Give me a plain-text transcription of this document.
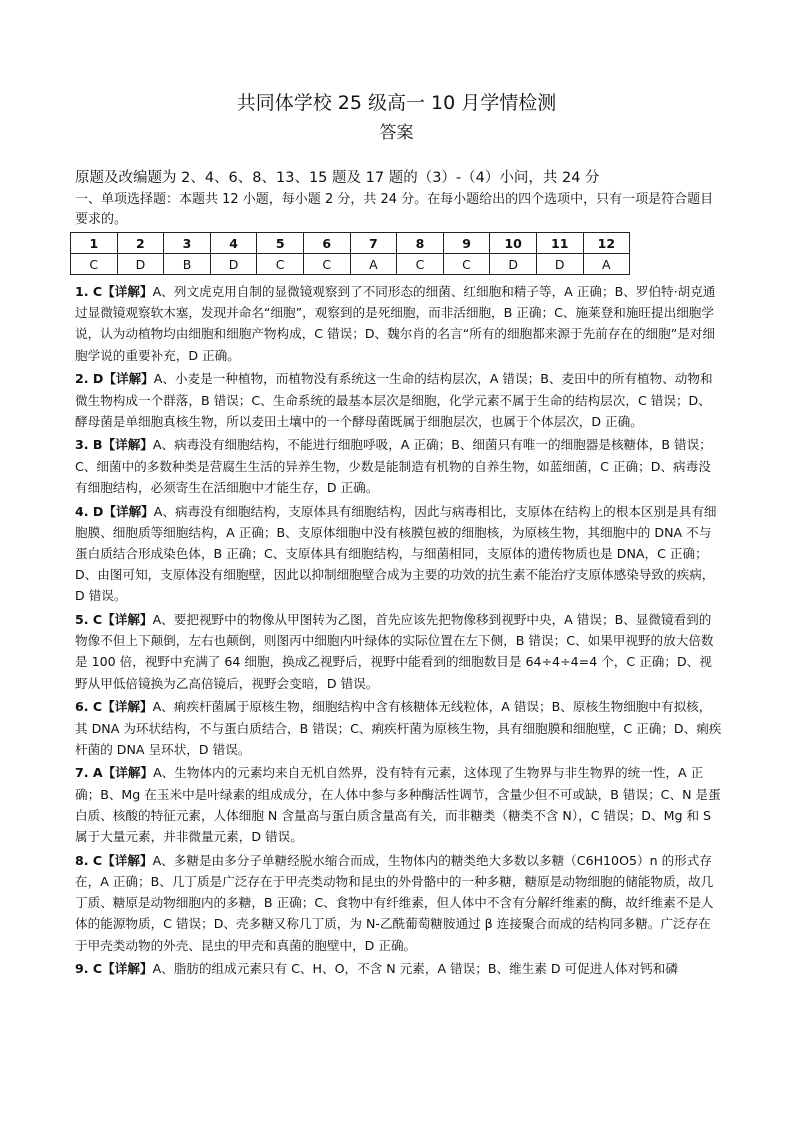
共同体学校 25 级高一 10 月学情检测
答案
原题及改编题为 2、4、6、8、13、15 题及 17 题的（3）-（4）小问，共 24 分
一、单项选择题：本题共 12 小题，每小题 2 分，共 24 分。在每小题给出的四个选项中，只有一项是符合题目要求的。
1	2	3	4	5	6	7	8	9	10	11	12
C	D	B	D	C	C	A	C	C	D	D	A

1. C【详解】A、列文虎克用自制的显微镜观察到了不同形态的细菌、红细胞和精子等，A 正确；B、罗伯特·胡克通过显微镜观察软木塞，发现并命名“细胞”，观察到的是死细胞，而非活细胞，B 正确；C、施莱登和施旺提出细胞学说，认为动植物均由细胞和细胞产物构成，C 错误；D、魏尔肖的名言“所有的细胞都来源于先前存在的细胞”是对细胞学说的重要补充，D 正确。

2. D【详解】A、小麦是一种植物，而植物没有系统这一生命的结构层次，A 错误；B、麦田中的所有植物、动物和微生物构成一个群落，B 错误；C、生命系统的最基本层次是细胞，化学元素不属于生命的结构层次，C 错误；D、酵母菌是单细胞真核生物，所以麦田土壤中的一个酵母菌既属于细胞层次，也属于个体层次，D 正确。

3. B【详解】A、病毒没有细胞结构，不能进行细胞呼吸，A 正确；B、细菌只有唯一的细胞器是核糖体，B 错误；C、细菌中的多数种类是营腐生生活的异养生物，少数是能制造有机物的自养生物，如蓝细菌，C 正确；D、病毒没有细胞结构，必须寄生在活细胞中才能生存，D 正确。

4. D【详解】A、病毒没有细胞结构，支原体具有细胞结构，因此与病毒相比，支原体在结构上的根本区别是具有细胞膜、细胞质等细胞结构，A 正确；B、支原体细胞中没有核膜包被的细胞核，为原核生物，其细胞中的 DNA 不与蛋白质结合形成染色体，B 正确；C、支原体具有细胞结构，与细菌相同，支原体的遗传物质也是 DNA，C 正确；D、由图可知，支原体没有细胞壁，因此以抑制细胞壁合成为主要的功效的抗生素不能治疗支原体感染导致的疾病，D 错误。

5. C【详解】A、要把视野中的物像从甲图转为乙图，首先应该先把物像移到视野中央，A 错误；B、显微镜看到的物像不但上下颠倒，左右也颠倒，则图丙中细胞内叶绿体的实际位置在左下侧，B 错误；C、如果甲视野的放大倍数是 100 倍，视野中充满了 64 细胞，换成乙视野后，视野中能看到的细胞数目是 64÷4÷4=4 个，C 正确；D、视野从甲低倍镜换为乙高倍镜后，视野会变暗，D 错误。

6. C【详解】A、痢疾杆菌属于原核生物，细胞结构中含有核糖体无线粒体，A 错误；B、原核生物细胞中有拟核，其 DNA 为环状结构，不与蛋白质结合，B 错误；C、痢疾杆菌为原核生物，具有细胞膜和细胞壁，C 正确；D、痢疾杆菌的 DNA 呈环状，D 错误。

7. A【详解】A、生物体内的元素均来自无机自然界，没有特有元素，这体现了生物界与非生物界的统一性，A 正确；B、Mg 在玉米中是叶绿素的组成成分，在人体中参与多种酶活性调节，含量少但不可或缺，B 错误；C、N 是蛋白质、核酸的特征元素，人体细胞 N 含量高与蛋白质含量高有关，而非糖类（糖类不含 N），C 错误；D、Mg 和 S 属于大量元素，并非微量元素，D 错误。

8. C【详解】A、多糖是由多分子单糖经脱水缩合而成，生物体内的糖类绝大多数以多糖（C6H10O5）n 的形式存在，A 正确；B、几丁质是广泛存在于甲壳类动物和昆虫的外骨骼中的一种多糖，糖原是动物细胞的储能物质，故几丁质、糖原是动物细胞内的多糖，B 正确；C、食物中有纤维素，但人体中不含有分解纤维素的酶，故纤维素不是人体的能源物质，C 错误；D、壳多糖又称几丁质，为 N-乙酰葡萄糖胺通过 β 连接聚合而成的结构同多糖。广泛存在于甲壳类动物的外壳、昆虫的甲壳和真菌的胞壁中，D 正确。

9. C【详解】A、脂肪的组成元素只有 C、H、O，不含 N 元素，A 错误；B、维生素 D 可促进人体对钙和磷
